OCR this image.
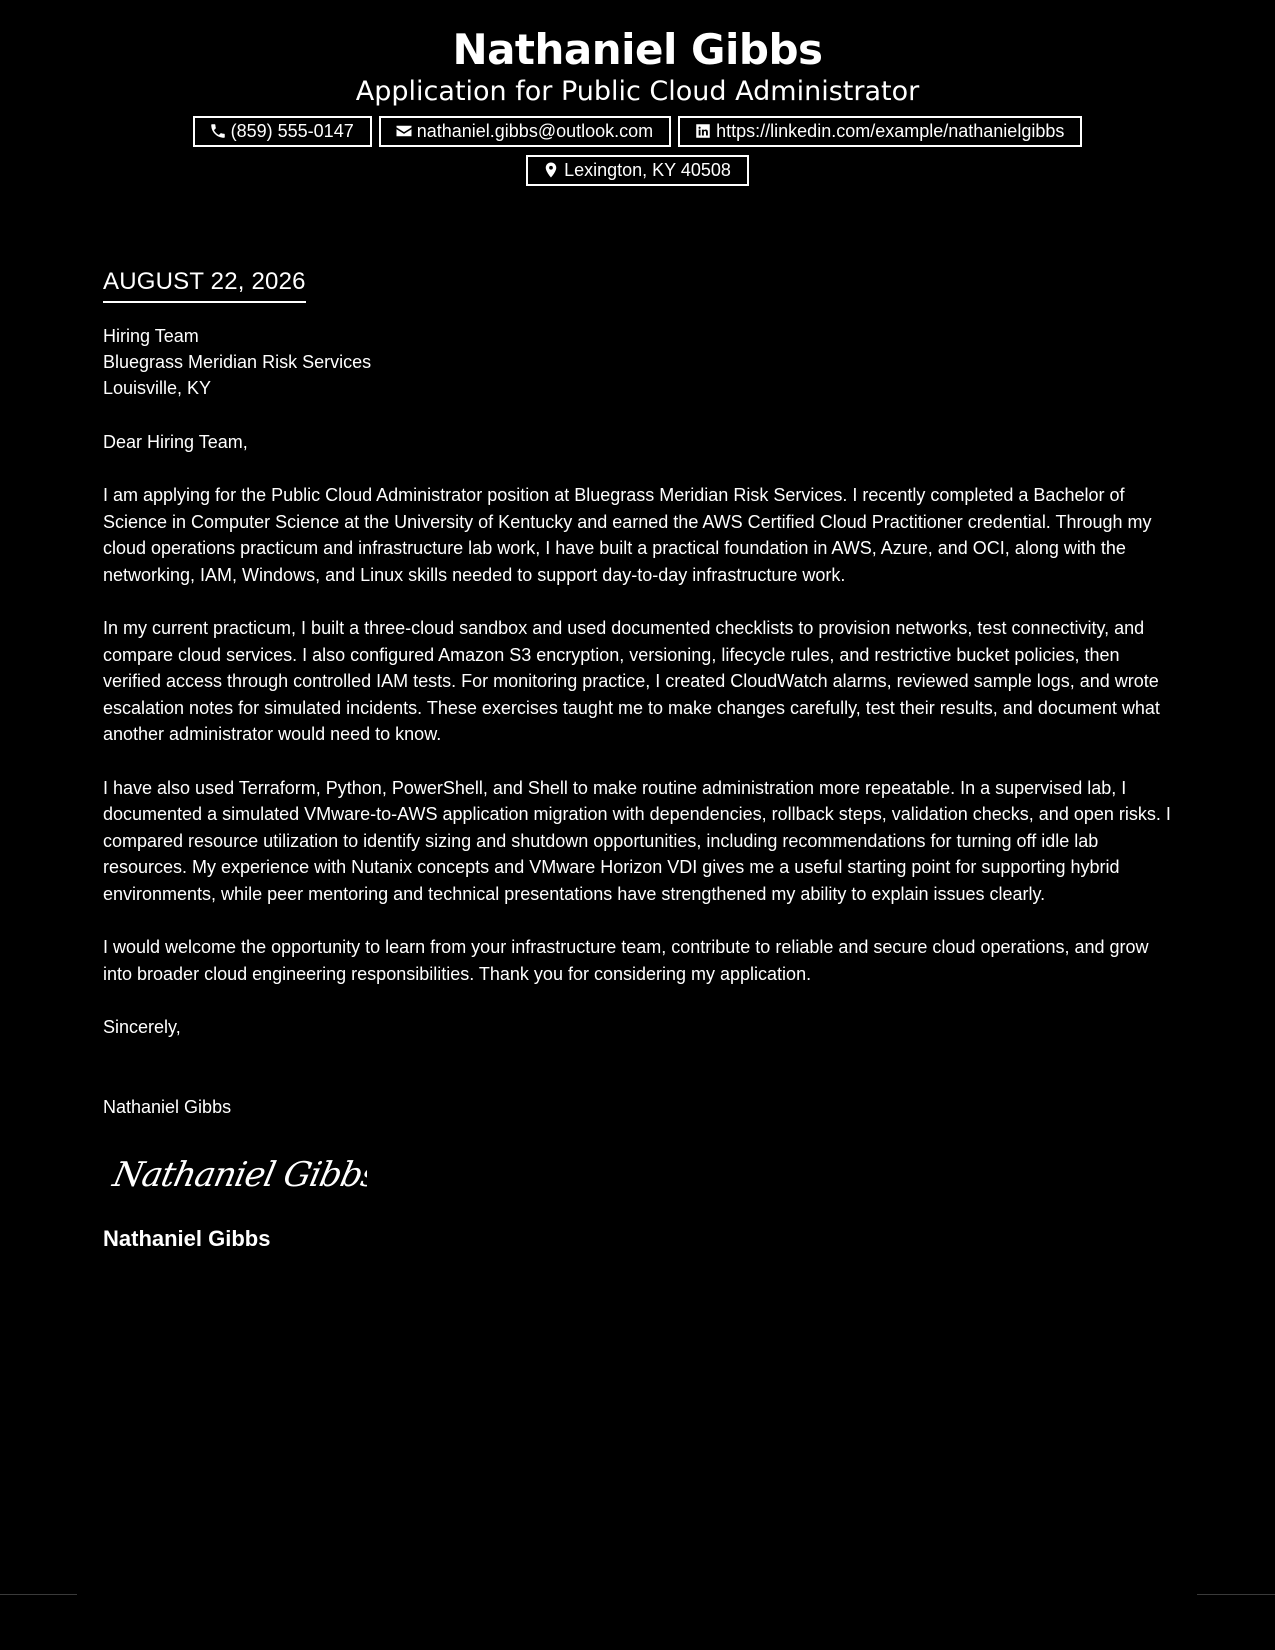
Nathaniel Gibbs
Application for Public Cloud Administrator
(859) 555-0147	nathaniel.gibbs@outlook.com	https://linkedin.com/example/nathanielgibbs
Lexington, KY 40508
AUGUST 22, 2026
Hiring Team
Bluegrass Meridian Risk Services
Louisville, KY
Dear Hiring Team,

I am applying for the Public Cloud Administrator position at Bluegrass Meridian Risk Services. I recently completed a Bachelor of Science in Computer Science at the University of Kentucky and earned the AWS Certified Cloud Practitioner credential. Through my cloud operations practicum and infrastructure lab work, I have built a practical foundation in AWS, Azure, and OCI, along with the networking, IAM, Windows, and Linux skills needed to support day-to-day infrastructure work.

In my current practicum, I built a three-cloud sandbox and used documented checklists to provision networks, test connectivity, and compare cloud services. I also configured Amazon S3 encryption, versioning, lifecycle rules, and restrictive bucket policies, then verified access through controlled IAM tests. For monitoring practice, I created CloudWatch alarms, reviewed sample logs, and wrote escalation notes for simulated incidents. These exercises taught me to make changes carefully, test their results, and document what another administrator would need to know.

I have also used Terraform, Python, PowerShell, and Shell to make routine administration more repeatable. In a supervised lab, I documented a simulated VMware-to-AWS application migration with dependencies, rollback steps, validation checks, and open risks. I compared resource utilization to identify sizing and shutdown opportunities, including recommendations for turning off idle lab resources. My experience with Nutanix concepts and VMware Horizon VDI gives me a useful starting point for supporting hybrid environments, while peer mentoring and technical presentations have strengthened my ability to explain issues clearly.

I would welcome the opportunity to learn from your infrastructure team, contribute to reliable and secure cloud operations, and grow into broader cloud engineering responsibilities. Thank you for considering my application.

Sincerely,
Nathaniel Gibbs
Nathaniel Gibbs
Nathaniel Gibbs
